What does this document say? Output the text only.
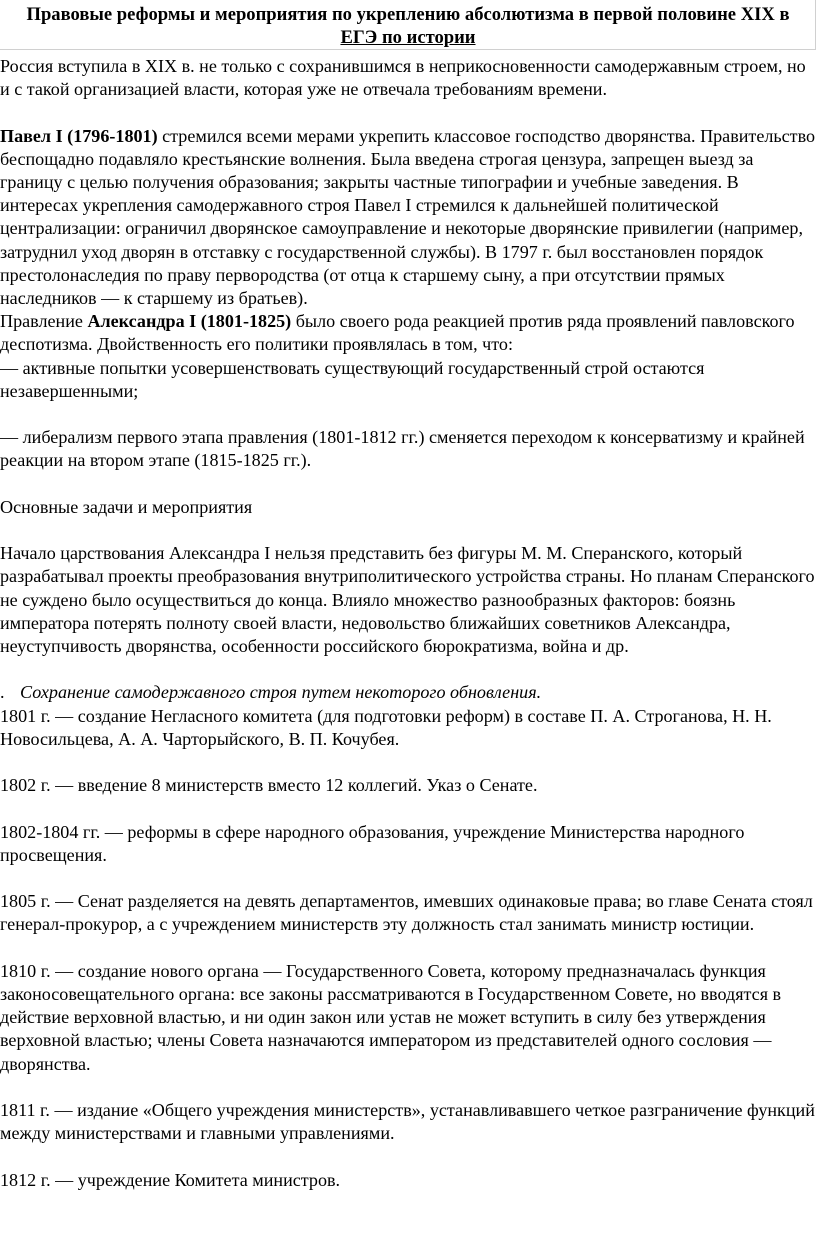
Правовые реформы и мероприятия по укреплению абсолютизма в первой половине XIX в
ЕГЭ по истории

Россия вступила в XIX в. не только с сохранившимся в неприкосновенности самодержавным строем, но и с такой организацией власти, которая уже не отвечала требованиям времени.

Павел I (1796-1801) стремился всеми мерами укрепить классовое господство дворянства. Правительство беспощадно подавляло крестьянские волнения. Была введена строгая цензура, запрещен выезд за границу с целью получения образования; закрыты частные типографии и учебные заведения. В интересах укрепления самодержавного строя Павел I стремился к дальнейшей политической централизации: ограничил дворянское самоуправление и некоторые дворянские привилегии (например, затруднил уход дворян в отставку с государственной службы). В 1797 г. был восстановлен порядок престолонаследия по праву первородства (от отца к старшему сыну, а при отсутствии прямых наследников — к старшему из братьев).

Правление Александра I (1801-1825) было своего рода реакцией против ряда проявлений павловского деспотизма. Двойственность его политики проявлялась в том, что:

— активные попытки усовершенствовать существующий государственный строй остаются незавершенными;

— либерализм первого этапа правления (1801-1812 гг.) сменяется переходом к консерватизму и крайней реакции на втором этапе (1815-1825 гг.).

Основные задачи и мероприятия

Начало царствования Александра I нельзя представить без фигуры М. М. Сперанского, который разрабатывал проекты преобразования внутриполитического устройства страны. Но планам Сперанского не суждено было осуществиться до конца. Влияло множество разнообразных факторов: боязнь императора потерять полноту своей власти, недовольство ближайших советников Александра, неуступчивость дворянства, особенности российского бюрократизма, война и др.

. Сохранение самодержавного строя путем некоторого обновления.

1801 г. — создание Негласного комитета (для подготовки реформ) в составе П. А. Строганова, Н. Н. Новосильцева, А. А. Чарторыйского, В. П. Кочубея.

1802 г. — введение 8 министерств вместо 12 коллегий. Указ о Сенате.

1802-1804 гг. — реформы в сфере народного образования, учреждение Министерства народного просвещения.

1805 г. — Сенат разделяется на девять департаментов, имевших одинаковые права; во главе Сената стоял генерал-прокурор, а с учреждением министерств эту должность стал занимать министр юстиции.

1810 г. — создание нового органа — Государственного Совета, которому предназначалась функция законосовещательного органа: все законы рассматриваются в Государственном Совете, но вводятся в действие верховной властью, и ни один закон или устав не может вступить в силу без утверждения верховной властью; члены Совета назначаются императором из представителей одного сословия — дворянства.

1811 г. — издание «Общего учреждения министерств», устанавливавшего четкое разграничение функций между министерствами и главными управлениями.

1812 г. — учреждение Комитета министров.
